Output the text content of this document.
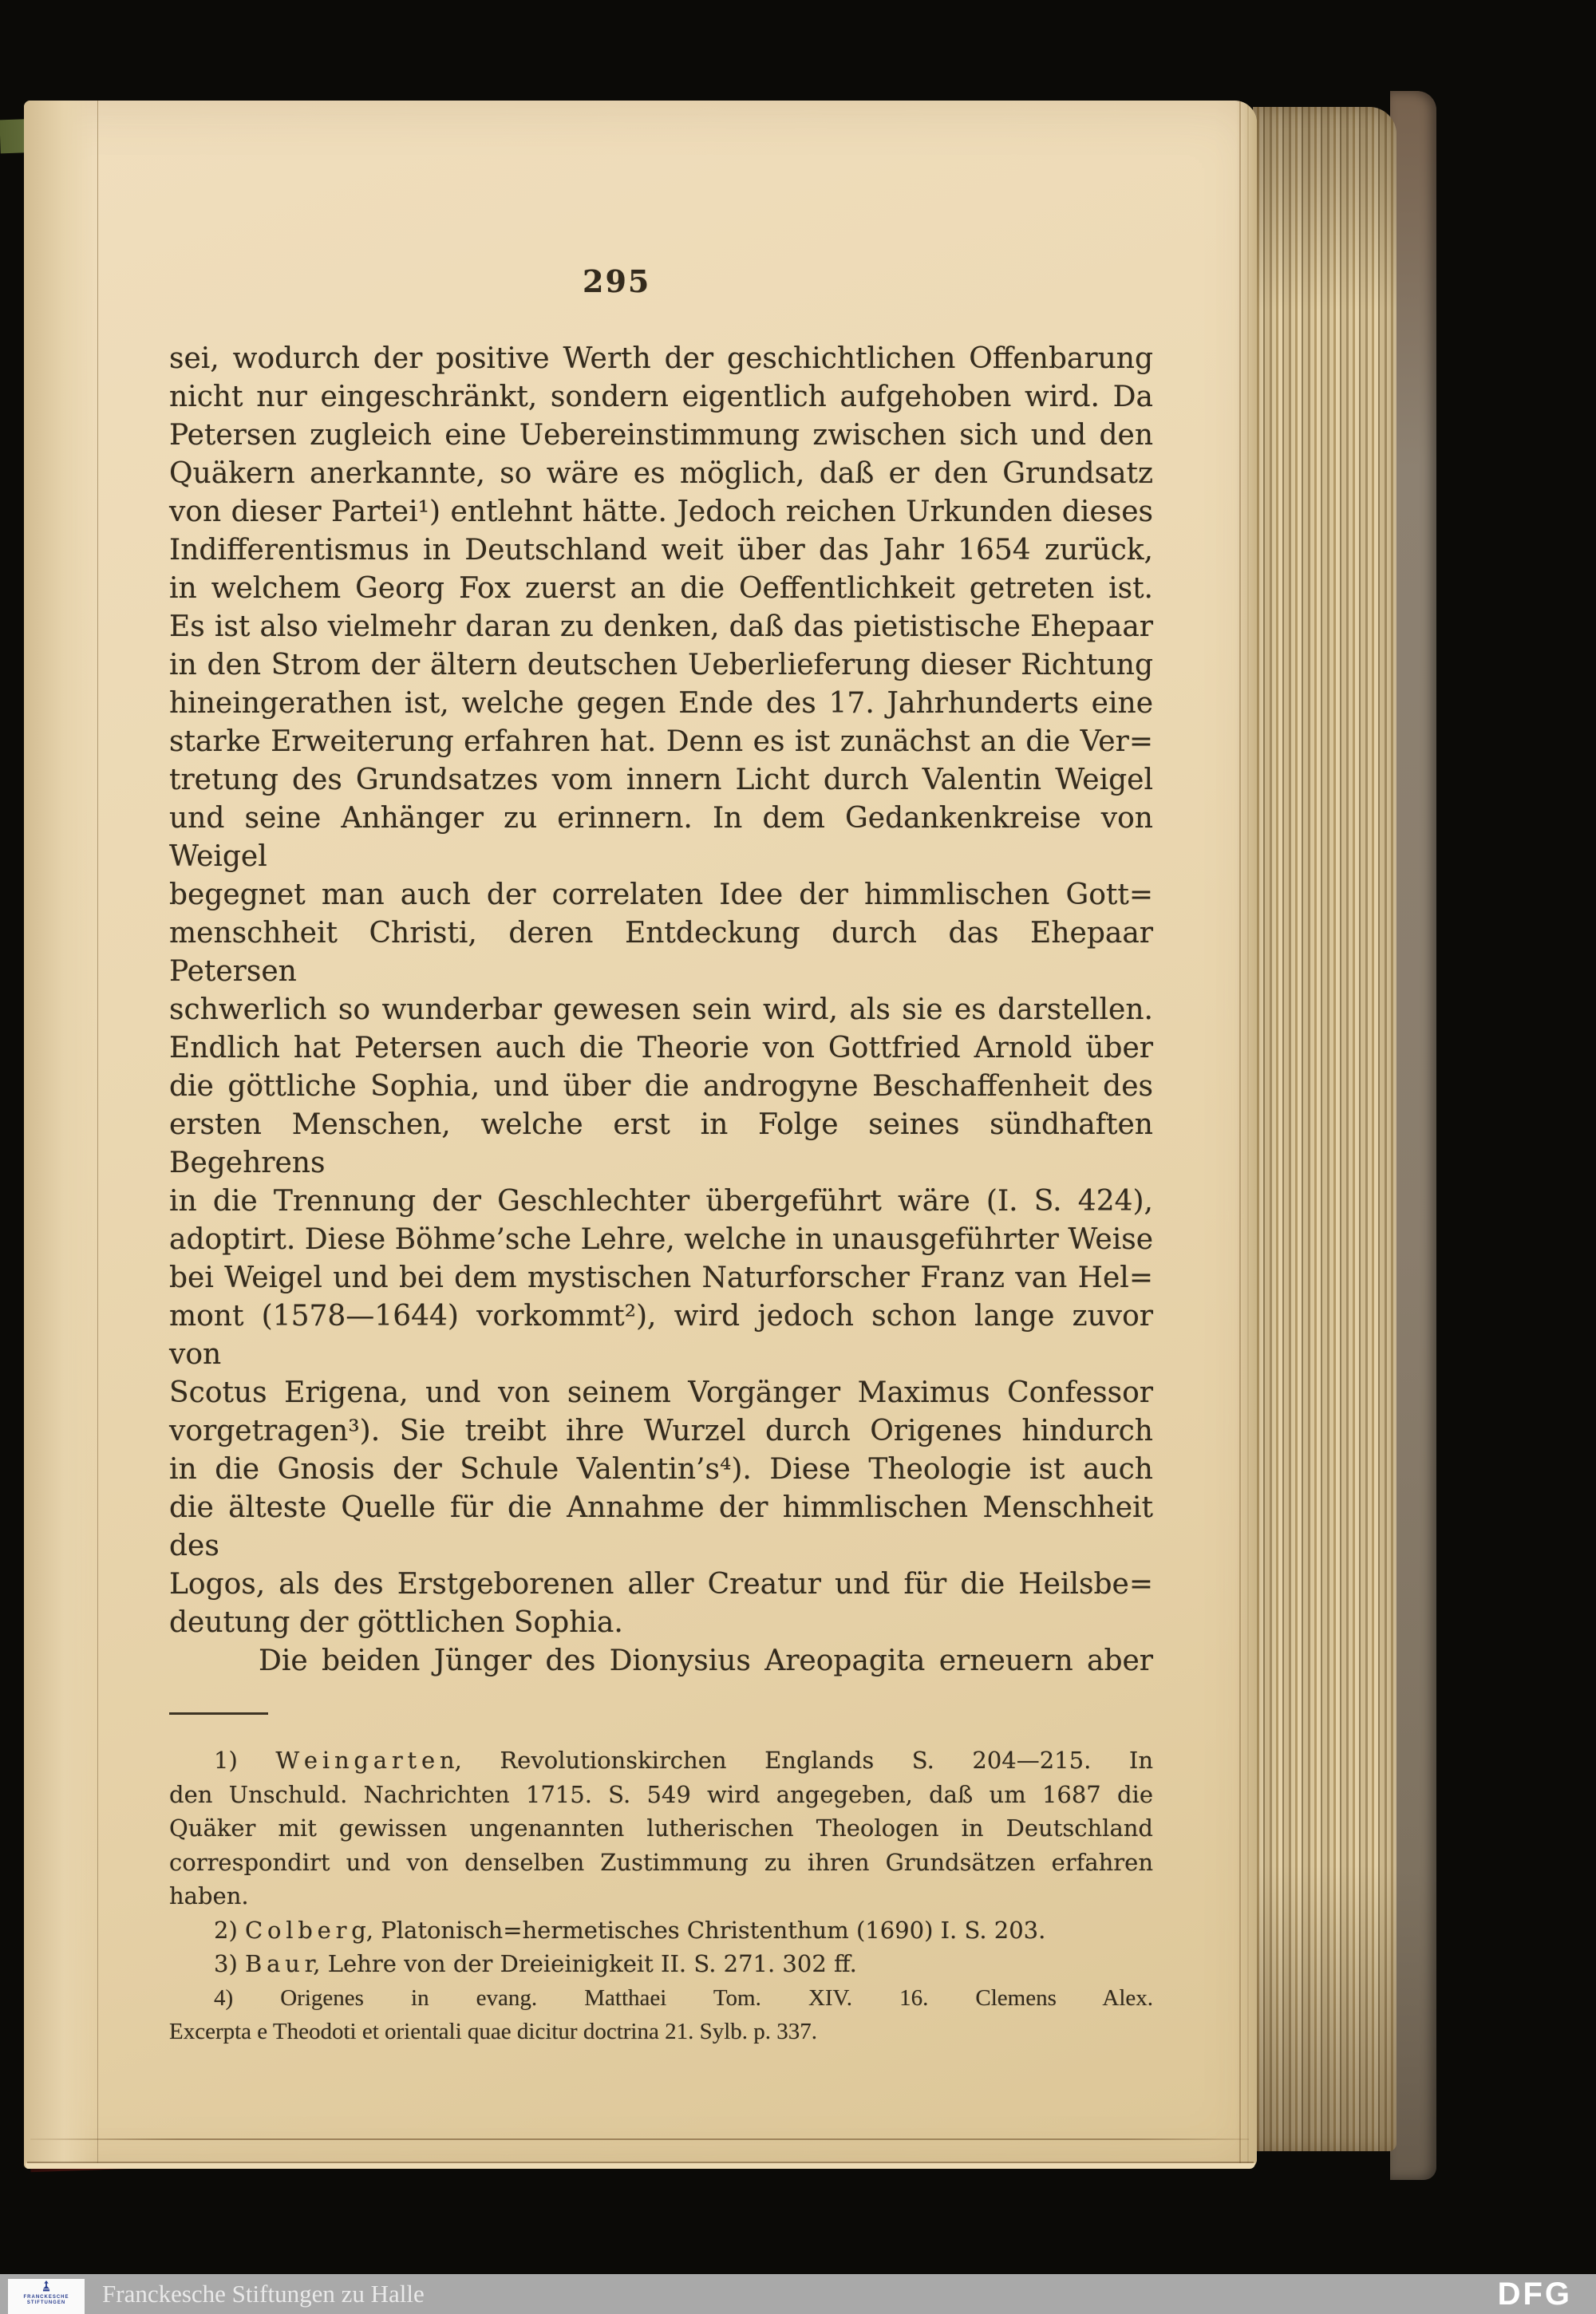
295
sei, wodurch der positive Werth der geschichtlichen Offenbarung
nicht nur eingeschränkt, sondern eigentlich aufgehoben wird. Da
Petersen zugleich eine Uebereinstimmung zwischen sich und den
Quäkern anerkannte, so wäre es möglich, daß er den Grundsatz
von dieser Partei¹) entlehnt hätte. Jedoch reichen Urkunden dieses
Indifferentismus in Deutschland weit über das Jahr 1654 zurück,
in welchem Georg Fox zuerst an die Oeffentlichkeit getreten ist.
Es ist also vielmehr daran zu denken, daß das pietistische Ehepaar
in den Strom der ältern deutschen Ueberlieferung dieser Richtung
hineingerathen ist, welche gegen Ende des 17. Jahrhunderts eine
starke Erweiterung erfahren hat. Denn es ist zunächst an die Ver=
tretung des Grundsatzes vom innern Licht durch Valentin Weigel
und seine Anhänger zu erinnern. In dem Gedankenkreise von Weigel
begegnet man auch der correlaten Idee der himmlischen Gott=
menschheit Christi, deren Entdeckung durch das Ehepaar Petersen
schwerlich so wunderbar gewesen sein wird, als sie es darstellen.
Endlich hat Petersen auch die Theorie von Gottfried Arnold über
die göttliche Sophia, und über die androgyne Beschaffenheit des
ersten Menschen, welche erst in Folge seines sündhaften Begehrens
in die Trennung der Geschlechter übergeführt wäre (I. S. 424),
adoptirt. Diese Böhme’sche Lehre, welche in unausgeführter Weise
bei Weigel und bei dem mystischen Naturforscher Franz van Hel=
mont (1578—1644) vorkommt²), wird jedoch schon lange zuvor von
Scotus Erigena, und von seinem Vorgänger Maximus Confessor
vorgetragen³). Sie treibt ihre Wurzel durch Origenes hindurch
in die Gnosis der Schule Valentin’s⁴). Diese Theologie ist auch
die älteste Quelle für die Annahme der himmlischen Menschheit des
Logos, als des Erstgeborenen aller Creatur und für die Heilsbe=
deutung der göttlichen Sophia.
Die beiden Jünger des Dionysius Areopagita erneuern aber
1) W e i n g a r t e n, Revolutionskirchen Englands S. 204—215. In
den Unschuld. Nachrichten 1715. S. 549 wird angegeben, daß um 1687 die
Quäker mit gewissen ungenannten lutherischen Theologen in Deutschland
correspondirt und von denselben Zustimmung zu ihren Grundsätzen erfahren
haben.
2) C o l b e r g, Platonisch=hermetisches Christenthum (1690) I. S. 203.
3) B a u r, Lehre von der Dreieinigkeit II. S. 271. 302 ff.
4) Origenes in evang. Matthaei Tom. XIV. 16. Clemens Alex.
Excerpta e Theodoti et orientali quae dicitur doctrina 21. Sylb. p. 337.
FRANCKESCHE
STIFTUNGEN Franckesche Stiftungen zu Halle	DFG
